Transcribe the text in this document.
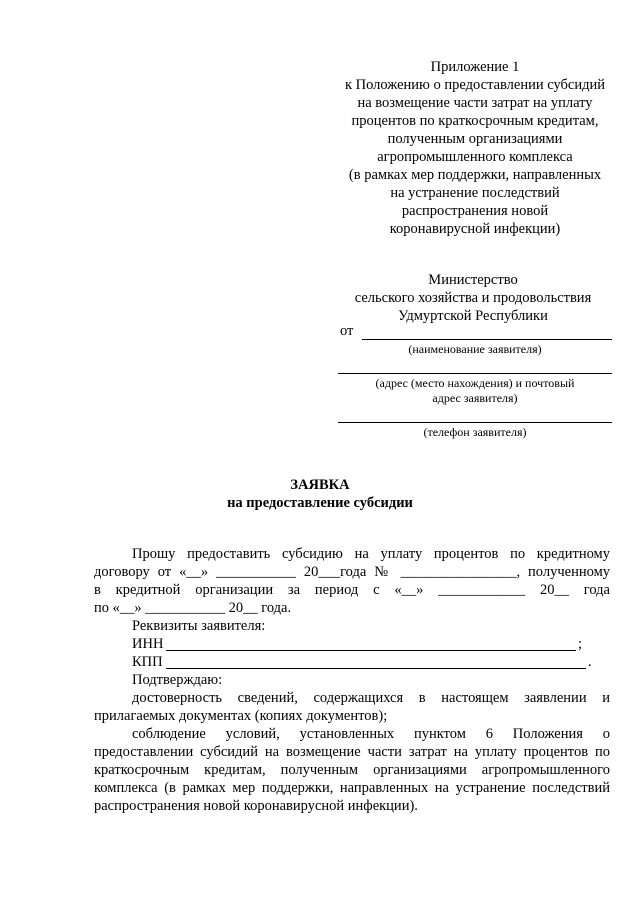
Приложение 1
к Положению о предоставлении субсидий
на возмещение части затрат на уплату
процентов по краткосрочным кредитам,
полученным организациями
агропромышленного комплекса
(в рамках мер поддержки, направленных
на устранение последствий
распространения новой
коронавирусной инфекции)
Министерство
сельского хозяйства и продовольствия
Удмуртской Республики
от
(наименование заявителя)
(адрес (место нахождения) и почтовый
адрес заявителя)
(телефон заявителя)
ЗАЯВКА
на предоставление субсидии

Прошу предоставить субсидию на уплату процентов по кредитному

договору от «__» ___________ 20___года № ________________, полученному

в кредитной организации за период с «__» ____________ 20__ года

по «__» ___________ 20__ года.

Реквизиты заявителя:

ИНН	;
КПП	.

Подтверждаю:

достоверность сведений, содержащихся в настоящем заявлении и

прилагаемых документах (копиях документов);

соблюдение условий, установленных пунктом 6 Положения о

предоставлении субсидий на возмещение части затрат на уплату процентов по

краткосрочным кредитам, полученным организациями агропромышленного

комплекса (в рамках мер поддержки, направленных на устранение последствий

распространения новой коронавирусной инфекции).
